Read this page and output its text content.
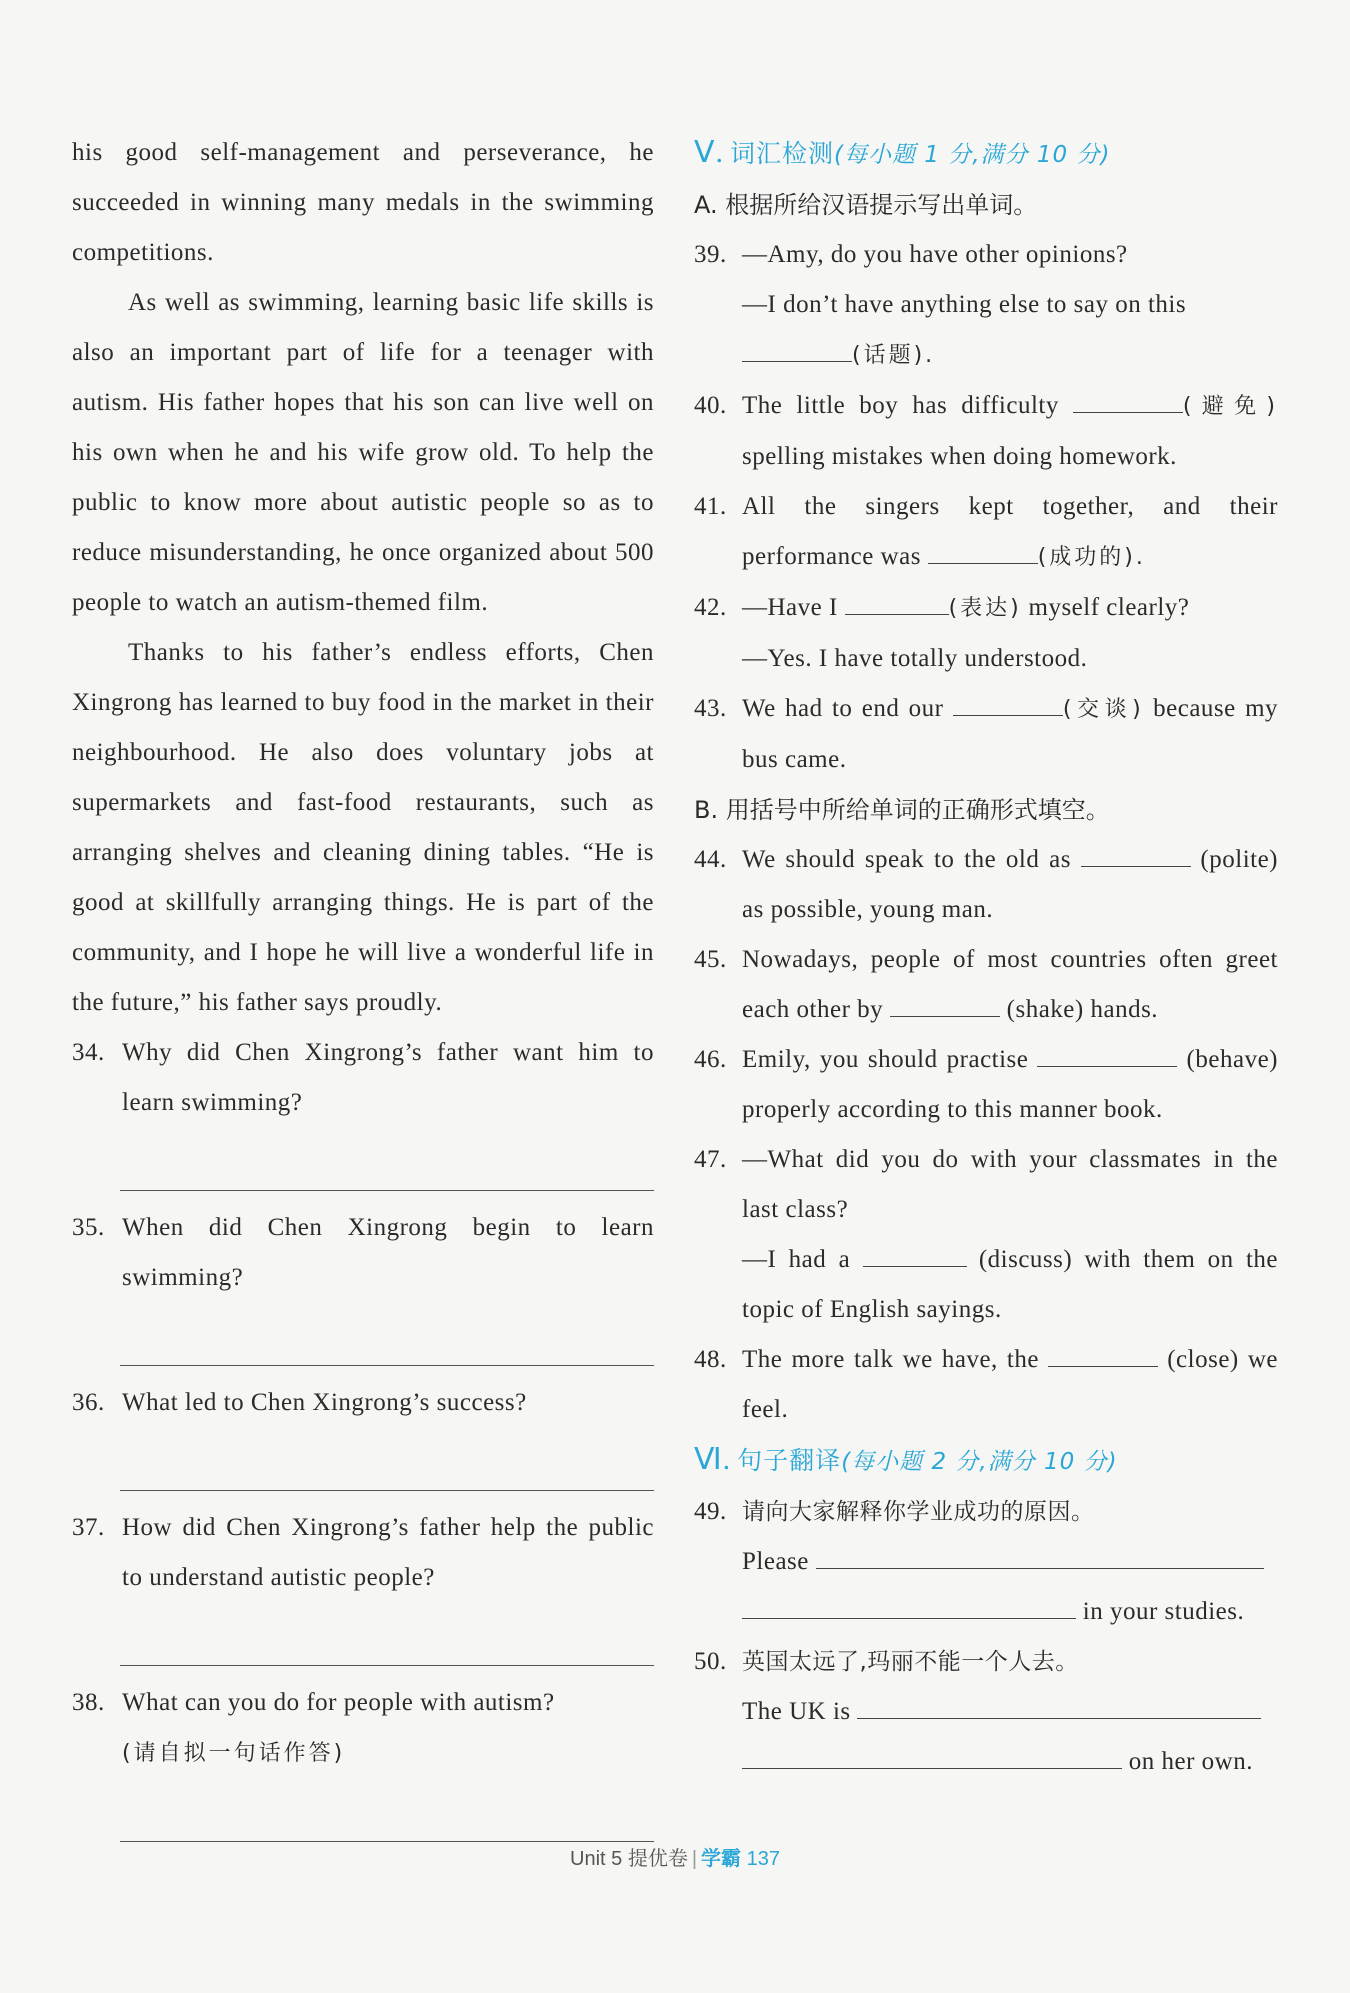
his good self-management and perseverance, he succeeded in winning many medals in the swimming competitions.

As well as swimming, learning basic life skills is also an important part of life for a teenager with autism. His father hopes that his son can live well on his own when he and his wife grow old. To help the public to know more about autistic people so as to reduce misunderstanding, he once organized about 500 people to watch an autism-themed film.

Thanks to his father’s endless efforts, Chen Xingrong has learned to buy food in the market in their neighbourhood. He also does voluntary jobs at supermarkets and fast-food restaurants, such as arranging shelves and cleaning dining tables. “He is good at skillfully arranging things. He is part of the community, and I hope he will live a wonderful life in the future,” his father says proudly.

34. Why did Chen Xingrong’s father want him to learn swimming?
35. When did Chen Xingrong begin to learn swimming?
36. What led to Chen Xingrong’s success?
37. How did Chen Xingrong’s father help the public to understand autistic people?
38. What can you do for people with autism?
(请自拟一句话作答)
Ⅴ. 词汇检测(每小题 1 分,满分 10 分)
A. 根据所给汉语提示写出单词。
39. —Amy, do you have other opinions?
—I don’t have anything else to say on this
(话题).
40. The little boy has difficulty	(避免) spelling mistakes when doing homework.
41. All the singers kept together, and their performance was	(成功的).
42. —Have I	(表达) myself clearly?
—Yes. I have totally understood.
43. We had to end our	(交谈) because my bus came.
B. 用括号中所给单词的正确形式填空。
44. We should speak to the old as	(polite) as possible, young man.
45. Nowadays, people of most countries often greet each other by	(shake) hands.
46. Emily, you should practise	(behave) properly according to this manner book.
47. —What did you do with your classmates in the last class?
—I had a	(discuss) with them on the topic of English sayings.
48. The more talk we have, the	(close) we feel.
Ⅵ. 句子翻译(每小题 2 分,满分 10 分)
49. 请向大家解释你学业成功的原因。
Please
in your studies.
50. 英国太远了,玛丽不能一个人去。
The UK is
on her own.
Unit 5 提优卷 | 学霸 137
